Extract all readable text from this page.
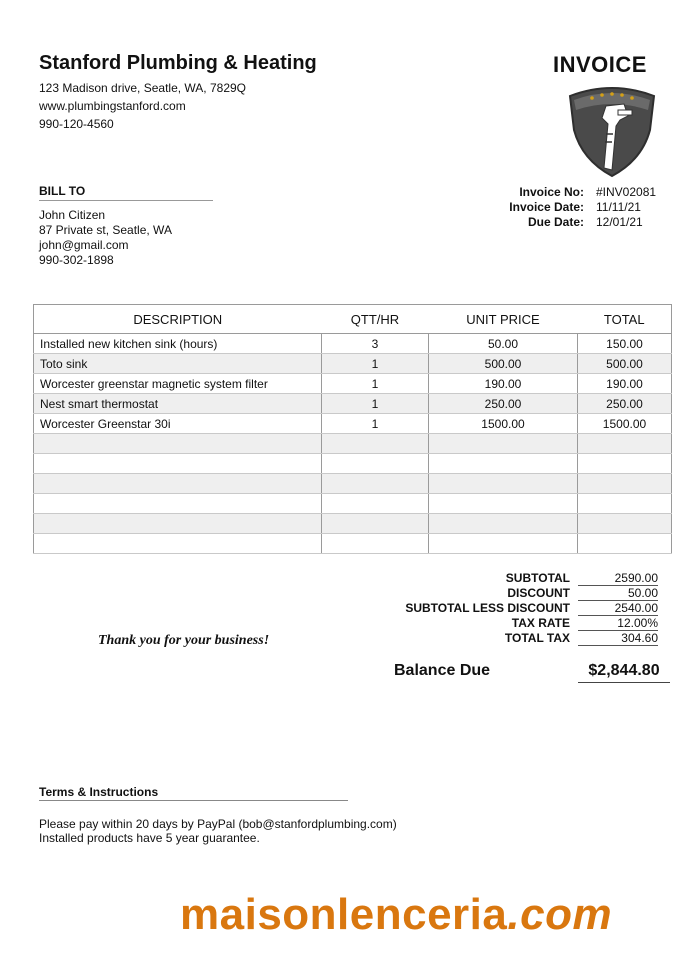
Stanford Plumbing & Heating
123 Madison drive, Seatle, WA, 7829Q
www.plumbingstanford.com
990-120-4560
INVOICE
BILL TO
John Citizen
87 Private st, Seatle, WA
john@gmail.com
990-302-1898
Invoice No:	#INV02081
Invoice Date:	11/11/21
Due Date:	12/01/21
DESCRIPTION	QTT/HR	UNIT PRICE	TOTAL
Installed new kitchen sink (hours)	3	50.00	150.00
Toto sink	1	500.00	500.00
Worcester greenstar magnetic system filter	1	190.00	190.00
Nest smart thermostat	1	250.00	250.00
Worcester Greenstar 30i	1	1500.00	1500.00

SUBTOTAL	2590.00
DISCOUNT	50.00
SUBTOTAL LESS DISCOUNT	2540.00
TAX RATE	12.00%
TOTAL TAX	304.60
Thank you for your business!
Balance Due	$2,844.80
Terms & Instructions
Please pay within 20 days by PayPal (bob@stanfordplumbing.com)
Installed products have 5 year guarantee.
maisonlenceria.com
